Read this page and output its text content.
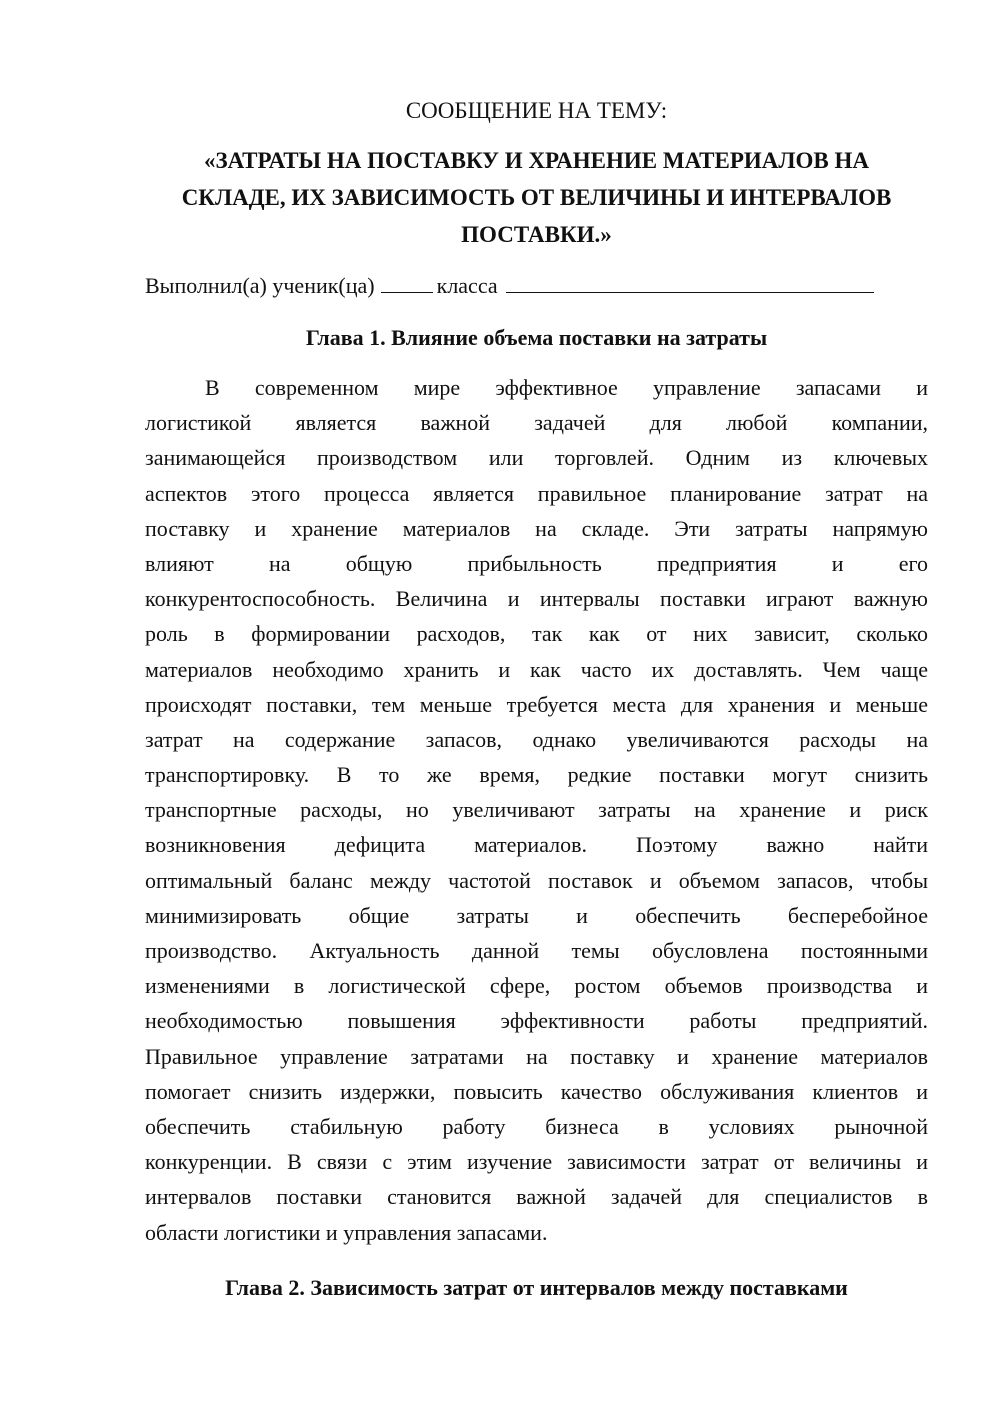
СООБЩЕНИЕ НА ТЕМУ:
«ЗАТРАТЫ НА ПОСТАВКУ И ХРАНЕНИЕ МАТЕРИАЛОВ НА
СКЛАДЕ, ИХ ЗАВИСИМОСТЬ ОТ ВЕЛИЧИНЫ И ИНТЕРВАЛОВ
ПОСТАВКИ.»
Выполнил(а) ученик(ца)	класса
Глава 1. Влияние объема поставки на затраты
В современном мире эффективное управление запасами и
логистикой является важной задачей для любой компании,
занимающейся производством или торговлей. Одним из ключевых
аспектов этого процесса является правильное планирование затрат на
поставку и хранение материалов на складе. Эти затраты напрямую
влияют на общую прибыльность предприятия и его
конкурентоспособность. Величина и интервалы поставки играют важную
роль в формировании расходов, так как от них зависит, сколько
материалов необходимо хранить и как часто их доставлять. Чем чаще
происходят поставки, тем меньше требуется места для хранения и меньше
затрат на содержание запасов, однако увеличиваются расходы на
транспортировку. В то же время, редкие поставки могут снизить
транспортные расходы, но увеличивают затраты на хранение и риск
возникновения дефицита материалов. Поэтому важно найти
оптимальный баланс между частотой поставок и объемом запасов, чтобы
минимизировать общие затраты и обеспечить бесперебойное
производство. Актуальность данной темы обусловлена постоянными
изменениями в логистической сфере, ростом объемов производства и
необходимостью повышения эффективности работы предприятий.
Правильное управление затратами на поставку и хранение материалов
помогает снизить издержки, повысить качество обслуживания клиентов и
обеспечить стабильную работу бизнеса в условиях рыночной
конкуренции. В связи с этим изучение зависимости затрат от величины и
интервалов поставки становится важной задачей для специалистов в
области логистики и управления запасами.
Глава 2. Зависимость затрат от интервалов между поставками
